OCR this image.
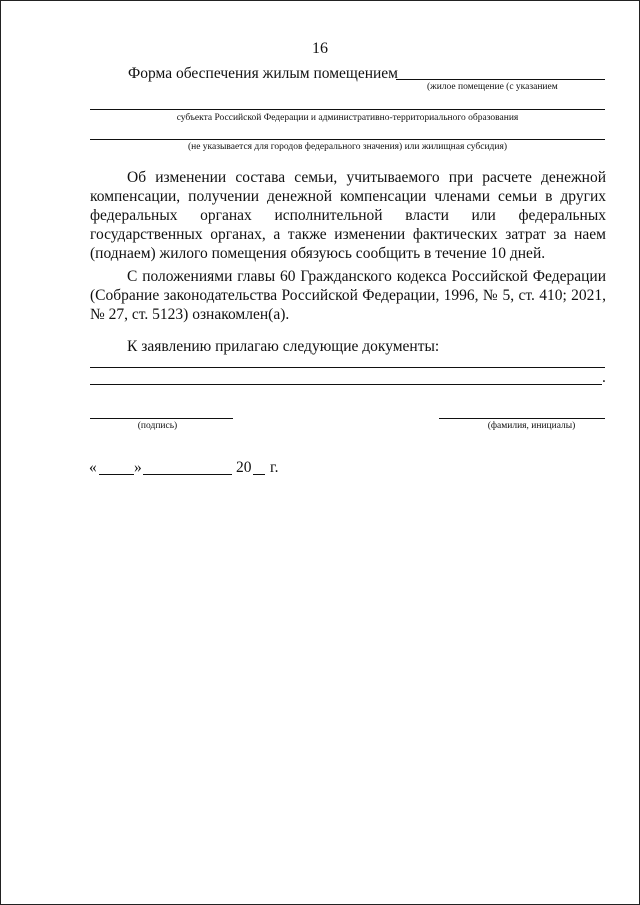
16
Форма обеспечения жилым помещением
(жилое помещение (с указанием
субъекта Российской Федерации и административно-территориального образования
(не указывается для городов федерального значения) или жилищная субсидия)
Об изменении состава семьи, учитываемого при расчете денежной компенсации, получении денежной компенсации членами семьи в других федеральных органах исполнительной власти или федеральных государственных органах, а также изменении фактических затрат за наем (поднаем) жилого помещения обязуюсь сообщить в течение 10 дней.
С положениями главы 60 Гражданского кодекса Российской Федерации (Собрание законодательства Российской Федерации, 1996, № 5, ст. 410; 2021, № 27, ст. 5123) ознакомлен(а).
К заявлению прилагаю следующие документы:
.
(подпись)	(фамилия, инициалы)
« »	20 г.
